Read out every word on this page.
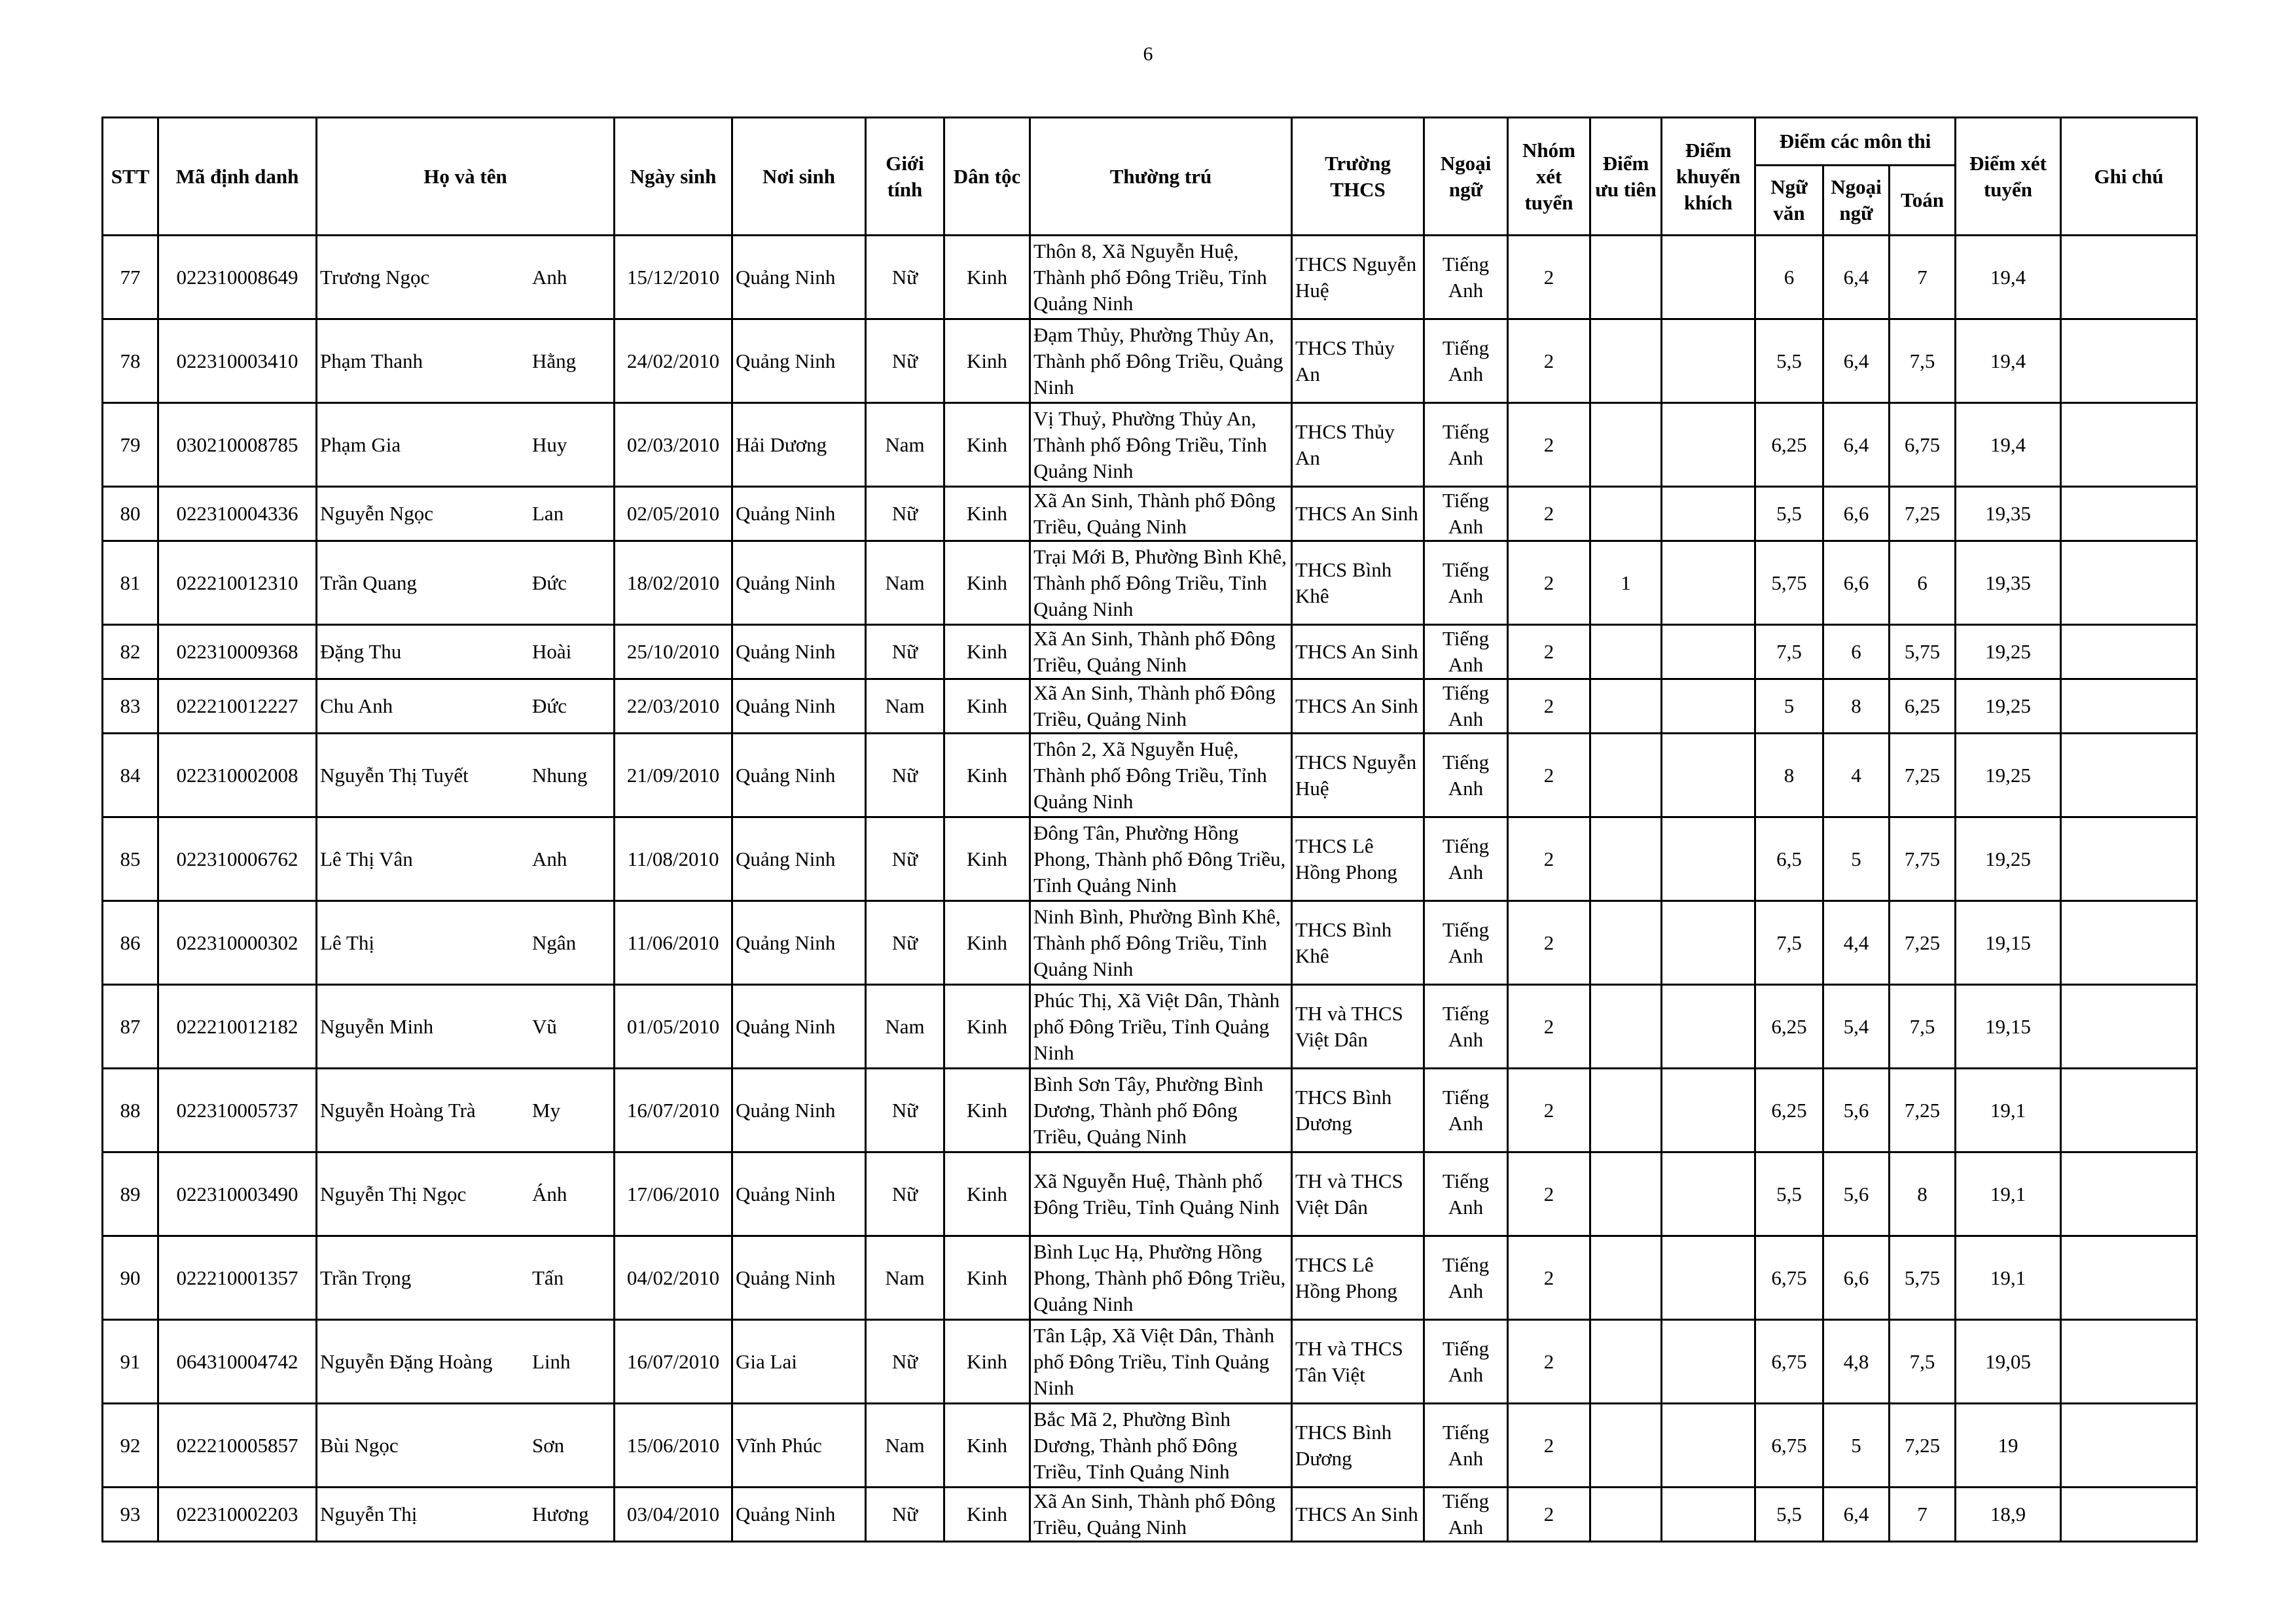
6
STT	Mã định danh	Họ và tên	Ngày sinh	Nơi sinh	Giới tính	Dân tộc	Thường trú	Trường THCS	Ngoại ngữ	Nhóm xét tuyển	Điểm ưu tiên	Điểm khuyến khích	Điểm các môn thi			Điểm xét tuyển	Ghi chú
													Ngữ văn	Ngoại ngữ	Toán		
77	022310008649	Trương Ngọc Anh	15/12/2010	Quảng Ninh	Nữ	Kinh	Thôn 8, Xã Nguyễn Huệ, Thành phố Đông Triều, Tỉnh Quảng Ninh	THCS Nguyễn Huệ	Tiếng Anh	2			6	6,4	7	19,4	
78	022310003410	Phạm Thanh Hằng	24/02/2010	Quảng Ninh	Nữ	Kinh	Đạm Thủy, Phường Thủy An, Thành phố Đông Triều, Quảng Ninh	THCS Thủy An	Tiếng Anh	2			5,5	6,4	7,5	19,4	
79	030210008785	Phạm Gia Huy	02/03/2010	Hải Dương	Nam	Kinh	Vị Thuỷ, Phường Thủy An, Thành phố Đông Triều, Tỉnh Quảng Ninh	THCS Thủy An	Tiếng Anh	2			6,25	6,4	6,75	19,4	
80	022310004336	Nguyễn Ngọc Lan	02/05/2010	Quảng Ninh	Nữ	Kinh	Xã An Sinh, Thành phố Đông Triều, Quảng Ninh	THCS An Sinh	Tiếng Anh	2			5,5	6,6	7,25	19,35	
81	022210012310	Trần Quang Đức	18/02/2010	Quảng Ninh	Nam	Kinh	Trại Mới B, Phường Bình Khê, Thành phố Đông Triều, Tỉnh Quảng Ninh	THCS Bình Khê	Tiếng Anh	2	1		5,75	6,6	6	19,35	
82	022310009368	Đặng Thu Hoài	25/10/2010	Quảng Ninh	Nữ	Kinh	Xã An Sinh, Thành phố Đông Triều, Quảng Ninh	THCS An Sinh	Tiếng Anh	2			7,5	6	5,75	19,25	
83	022210012227	Chu Anh Đức	22/03/2010	Quảng Ninh	Nam	Kinh	Xã An Sinh, Thành phố Đông Triều, Quảng Ninh	THCS An Sinh	Tiếng Anh	2			5	8	6,25	19,25	
84	022310002008	Nguyễn Thị Tuyết Nhung	21/09/2010	Quảng Ninh	Nữ	Kinh	Thôn 2, Xã Nguyễn Huệ, Thành phố Đông Triều, Tỉnh Quảng Ninh	THCS Nguyễn Huệ	Tiếng Anh	2			8	4	7,25	19,25	
85	022310006762	Lê Thị Vân Anh	11/08/2010	Quảng Ninh	Nữ	Kinh	Đông Tân, Phường Hồng Phong, Thành phố Đông Triều, Tỉnh Quảng Ninh	THCS Lê Hồng Phong	Tiếng Anh	2			6,5	5	7,75	19,25	
86	022310000302	Lê Thị Ngân	11/06/2010	Quảng Ninh	Nữ	Kinh	Ninh Bình, Phường Bình Khê, Thành phố Đông Triều, Tỉnh Quảng Ninh	THCS Bình Khê	Tiếng Anh	2			7,5	4,4	7,25	19,15	
87	022210012182	Nguyễn Minh Vũ	01/05/2010	Quảng Ninh	Nam	Kinh	Phúc Thị, Xã Việt Dân, Thành phố Đông Triều, Tỉnh Quảng Ninh	TH và THCS Việt Dân	Tiếng Anh	2			6,25	5,4	7,5	19,15	
88	022310005737	Nguyễn Hoàng Trà My	16/07/2010	Quảng Ninh	Nữ	Kinh	Bình Sơn Tây, Phường Bình Dương, Thành phố Đông Triều, Quảng Ninh	THCS Bình Dương	Tiếng Anh	2			6,25	5,6	7,25	19,1	
89	022310003490	Nguyễn Thị Ngọc Ánh	17/06/2010	Quảng Ninh	Nữ	Kinh	Xã Nguyễn Huệ, Thành phố Đông Triều, Tỉnh Quảng Ninh	TH và THCS Việt Dân	Tiếng Anh	2			5,5	5,6	8	19,1	
90	022210001357	Trần Trọng Tấn	04/02/2010	Quảng Ninh	Nam	Kinh	Bình Lục Hạ, Phường Hồng Phong, Thành phố Đông Triều, Quảng Ninh	THCS Lê Hồng Phong	Tiếng Anh	2			6,75	6,6	5,75	19,1	
91	064310004742	Nguyễn Đặng Hoàng Linh	16/07/2010	Gia Lai	Nữ	Kinh	Tân Lập, Xã Việt Dân, Thành phố Đông Triều, Tỉnh Quảng Ninh	TH và THCS Tân Việt	Tiếng Anh	2			6,75	4,8	7,5	19,05	
92	022210005857	Bùi Ngọc Sơn	15/06/2010	Vĩnh Phúc	Nam	Kinh	Bắc Mã 2, Phường Bình Dương, Thành phố Đông Triều, Tỉnh Quảng Ninh	THCS Bình Dương	Tiếng Anh	2			6,75	5	7,25	19	
93	022310002203	Nguyễn Thị Hương	03/04/2010	Quảng Ninh	Nữ	Kinh	Xã An Sinh, Thành phố Đông Triều, Quảng Ninh	THCS An Sinh	Tiếng Anh	2			5,5	6,4	7	18,9	
